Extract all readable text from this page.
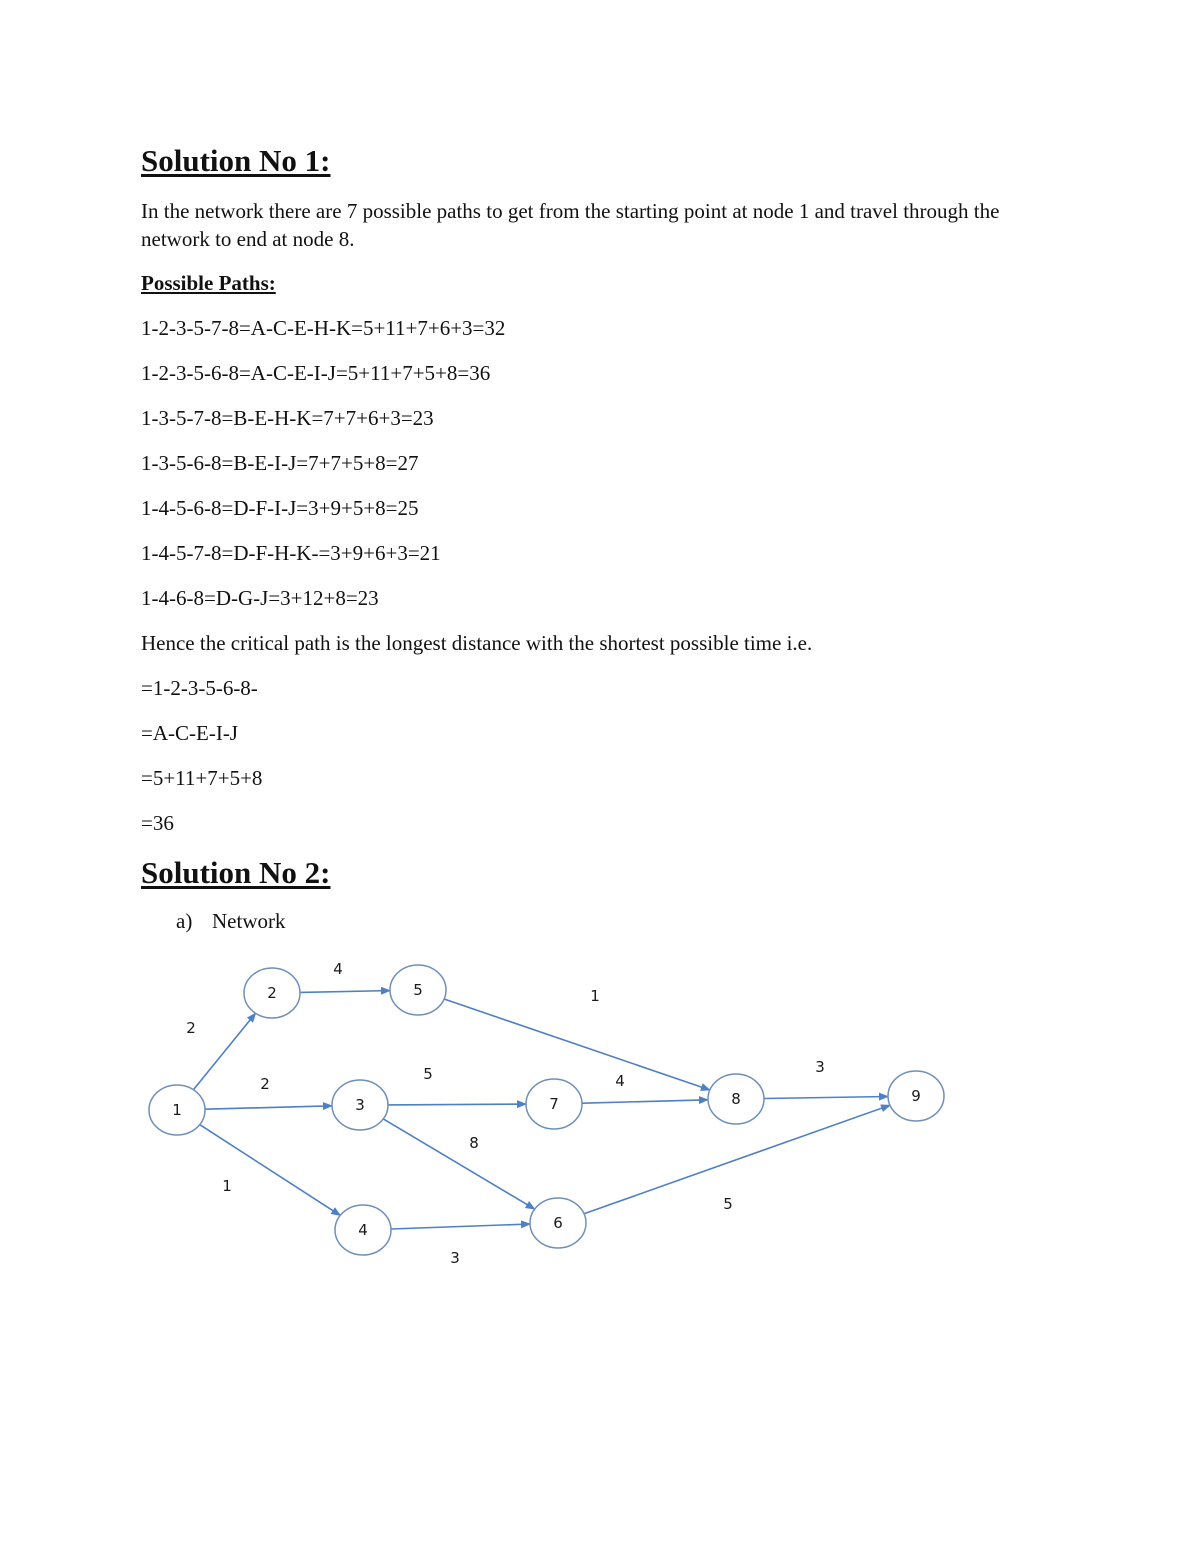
Solution No 1:

In the network there are 7 possible paths to get from the starting point at node 1 and travel through the network to end at node 8.

Possible Paths:

1-2-3-5-7-8=A-C-E-H-K=5+11+7+6+3=32

1-2-3-5-6-8=A-C-E-I-J=5+11+7+5+8=36

1-3-5-7-8=B-E-H-K=7+7+6+3=23

1-3-5-6-8=B-E-I-J=7+7+5+8=27

1-4-5-6-8=D-F-I-J=3+9+5+8=25

1-4-5-7-8=D-F-H-K-=3+9+6+3=21

1-4-6-8=D-G-J=3+12+8=23

Hence the critical path is the longest distance with the shortest possible time i.e.

=1-2-3-5-6-8-

=A-C-E-I-J

=5+11+7+5+8

=36

Solution No 2:

a) Network

2
2
1
4
1
5
8
4
3
3
5
1
2
3
4
5
6
7	8	9
